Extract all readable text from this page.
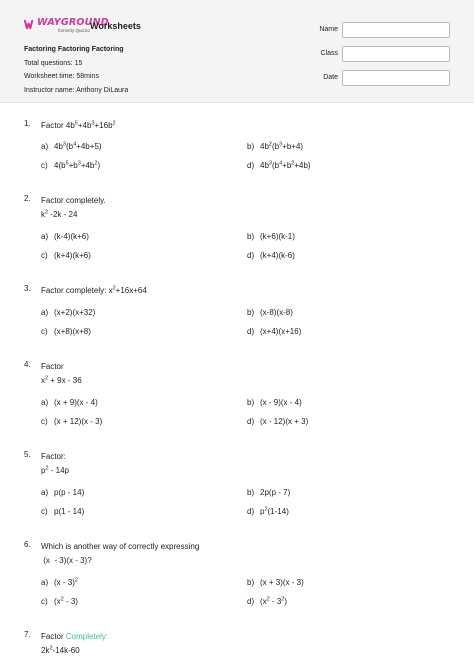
WAYGROUND
formerly Quizizz Worksheets
Factoring Factoring Factoring
Total questions: 15
Worksheet time: 58mins
Instructor name: Anthony DiLaura
Name
Class
Date
1. Factor $4b^5+4b^3+16b^2$
a) $4b^3(b^4+4b+5)$	b) $4b^2(b^3+b+4)$
c) $4(b^5+b^3+4b^2)$	d) $4b^3(b^4+b^2+4b)$
2. Factor completely.
$k^2$ -2k - 24
a) (k-4)(k+6)	b) (k+6)(k-1)
c) (k+4)(k+6)	d) (k+4)(k-6)
3. Factor completely: $x^2+16x+64$
a) (x+2)(x+32)	b) (x-8)(x-8)
c) (x+8)(x+8)	d) (x+4)(x+16)
4. Factor
$x^2 + 9x - 36$
a) (x + 9)(x - 4)	b) (x - 9)(x - 4)
c) (x + 12)(x - 3)	d) (x - 12)(x + 3)
5. Factor:
$p^2 - 14p$
a) p(p - 14)	b) 2p(p - 7)
c) p(1 - 14)	d) $p^2(1-14)$
6. Which is another way of correctly expressing
(x  - 3)(x - 3)?
a) (x - 3)$^2$	b) (x + 3)(x - 3)
c) $(x^2 - 3)$	d) $(x^2 - 3^2)$
7. Factor Completely:
$2k^2-14k-60$
